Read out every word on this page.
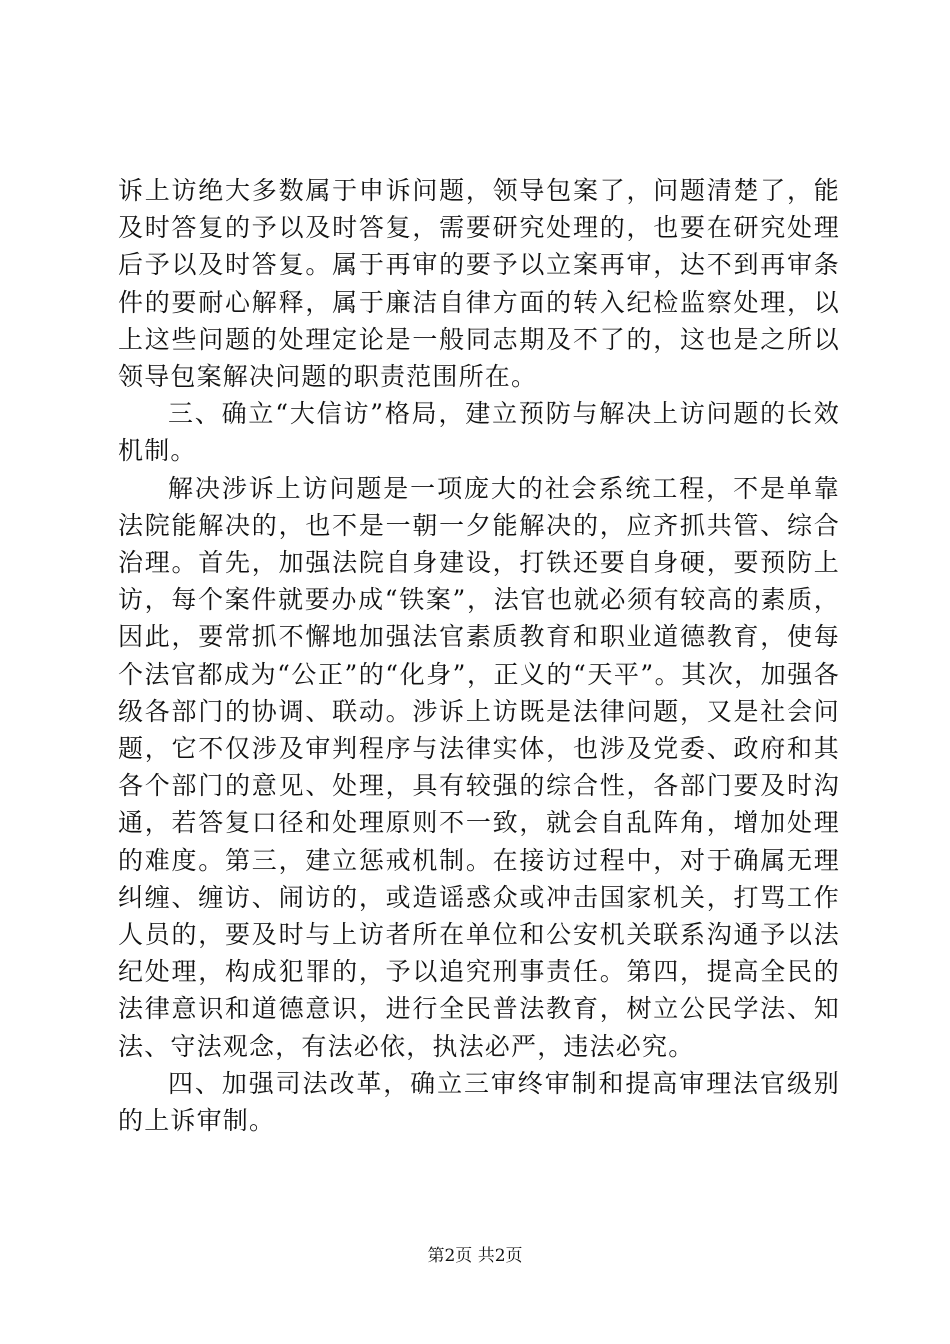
诉上访绝大多数属于申诉问题，领导包案了，问题清楚了，能及时答复的予以及时答复，需要研究处理的，也要在研究处理后予以及时答复。属于再审的要予以立案再审，达不到再审条件的要耐心解释，属于廉洁自律方面的转入纪检监察处理，以上这些问题的处理定论是一般同志期及不了的，这也是之所以领导包案解决问题的职责范围所在。

三、确立“大信访”格局，建立预防与解决上访问题的长效机制。

解决涉诉上访问题是一项庞大的社会系统工程，不是单靠法院能解决的，也不是一朝一夕能解决的，应齐抓共管、综合治理。首先，加强法院自身建设，打铁还要自身硬，要预防上访，每个案件就要办成“铁案”，法官也就必须有较高的素质，因此，要常抓不懈地加强法官素质教育和职业道德教育，使每个法官都成为“公正”的“化身”，正义的“天平”。其次，加强各级各部门的协调、联动。涉诉上访既是法律问题，又是社会问题，它不仅涉及审判程序与法律实体，也涉及党委、政府和其各个部门的意见、处理，具有较强的综合性，各部门要及时沟通，若答复口径和处理原则不一致，就会自乱阵角，增加处理的难度。第三，建立惩戒机制。在接访过程中，对于确属无理纠缠、缠访、闹访的，或造谣惑众或冲击国家机关，打骂工作人员的，要及时与上访者所在单位和公安机关联系沟通予以法纪处理，构成犯罪的，予以追究刑事责任。第四，提高全民的法律意识和道德意识，进行全民普法教育，树立公民学法、知法、守法观念，有法必依，执法必严，违法必究。

四、加强司法改革，确立三审终审制和提高审理法官级别的上诉审制。

第2页 共2页
